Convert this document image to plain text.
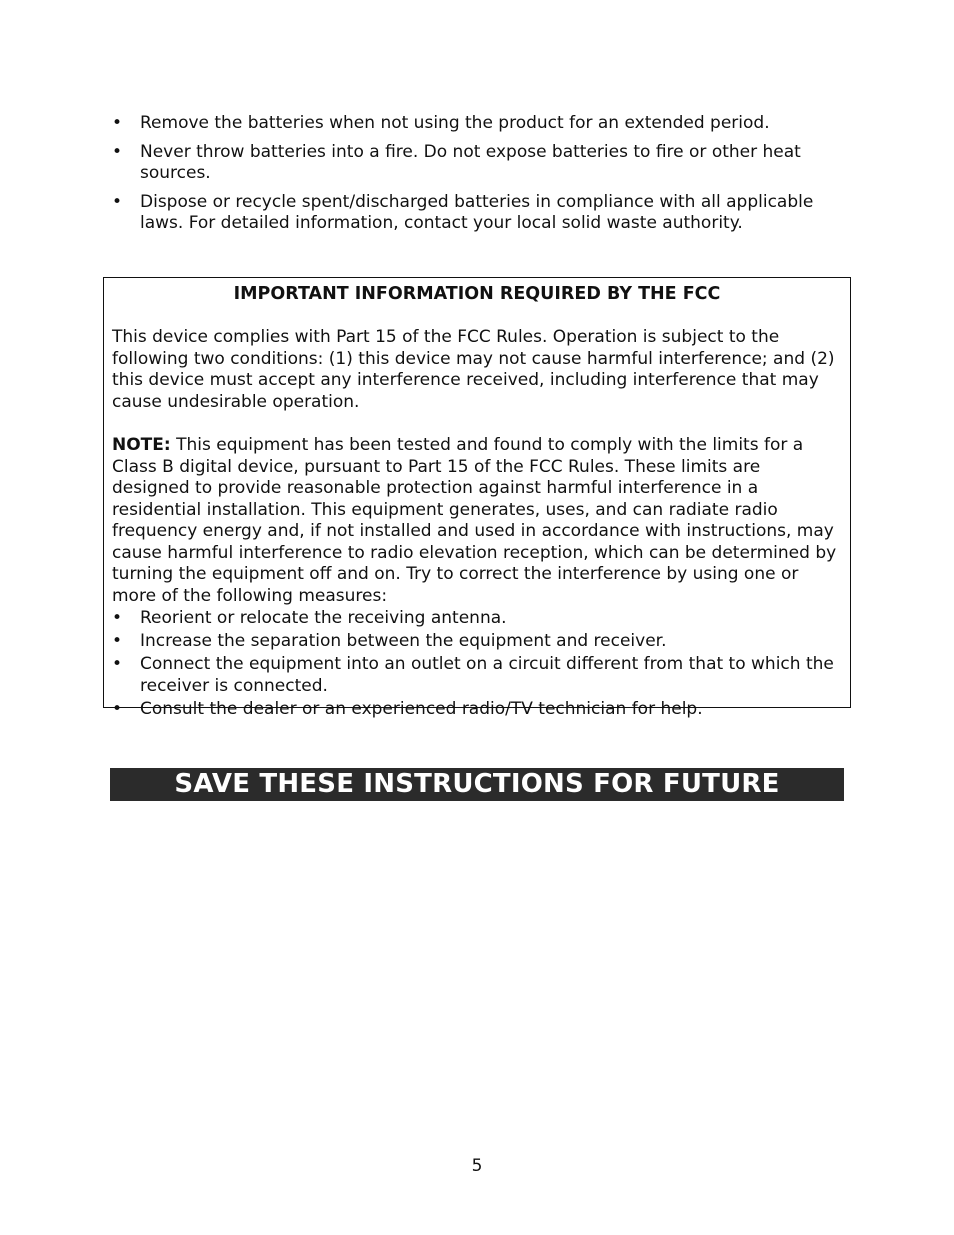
• Remove the batteries when not using the product for an extended period.
• Never throw batteries into a fire. Do not expose batteries to fire or other heat sources.
• Dispose or recycle spent/discharged batteries in compliance with all applicable laws. For detailed information, contact your local solid waste authority.
IMPORTANT INFORMATION REQUIRED BY THE FCC

This device complies with Part 15 of the FCC Rules. Operation is subject to the following two conditions: (1) this device may not cause harmful interference; and (2) this device must accept any interference received, including interference that may cause undesirable operation.

NOTE: This equipment has been tested and found to comply with the limits for a Class B digital device, pursuant to Part 15 of the FCC Rules. These limits are designed to provide reasonable protection against harmful interference in a residential installation. This equipment generates, uses, and can radiate radio frequency energy and, if not installed and used in accordance with instructions, may cause harmful interference to radio elevation reception, which can be determined by turning the equipment off and on. Try to correct the interference by using one or more of the following measures:

• Reorient or relocate the receiving antenna.
• Increase the separation between the equipment and receiver.
• Connect the equipment into an outlet on a circuit different from that to which the receiver is connected.
• Consult the dealer or an experienced radio/TV technician for help.
SAVE THESE INSTRUCTIONS FOR FUTURE REFERENCE
5
